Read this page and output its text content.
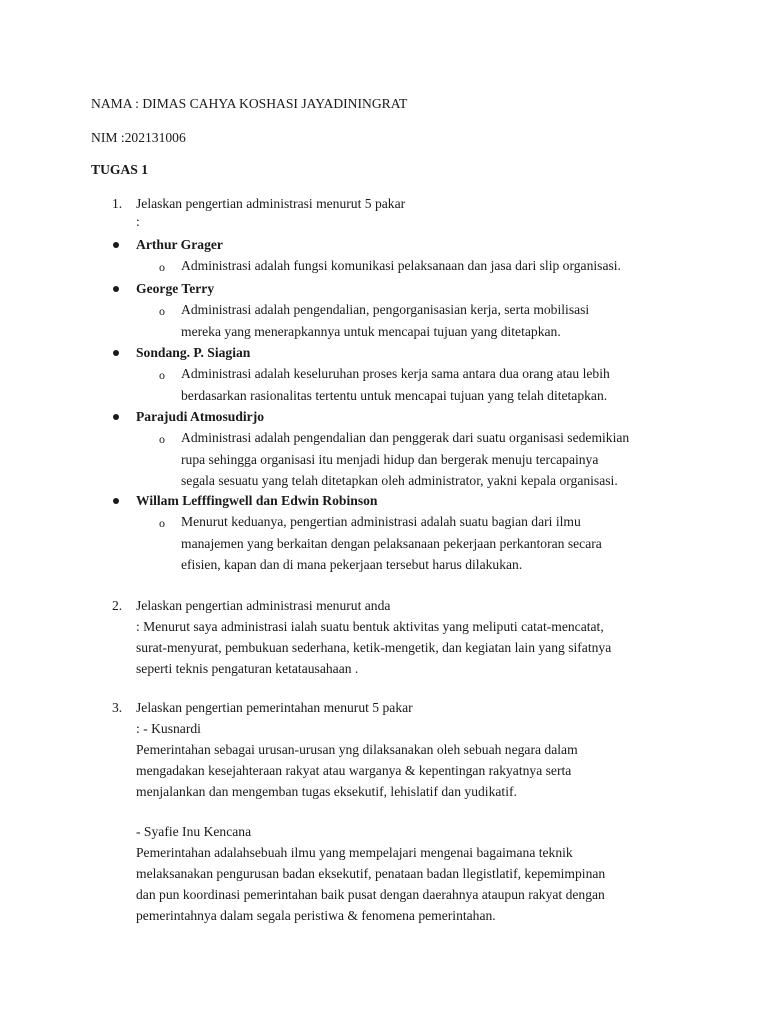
NAMA : DIMAS CAHYA KOSHASI JAYADININGRAT
NIM :202131006
TUGAS 1
1. Jelaskan pengertian administrasi menurut 5 pakar
:
Arthur Grager
o Administrasi adalah fungsi komunikasi pelaksanaan dan jasa dari slip organisasi.
George Terry
o Administrasi adalah pengendalian, pengorganisasian kerja, serta mobilisasi
mereka yang menerapkannya untuk mencapai tujuan yang ditetapkan.
Sondang. P. Siagian
o Administrasi adalah keseluruhan proses kerja sama antara dua orang atau lebih
berdasarkan rasionalitas tertentu untuk mencapai tujuan yang telah ditetapkan.
Parajudi Atmosudirjo
o Administrasi adalah pengendalian dan penggerak dari suatu organisasi sedemikian
rupa sehingga organisasi itu menjadi hidup dan bergerak menuju tercapainya
segala sesuatu yang telah ditetapkan oleh administrator, yakni kepala organisasi.
Willam Lefffingwell dan Edwin Robinson
o Menurut keduanya, pengertian administrasi adalah suatu bagian dari ilmu
manajemen yang berkaitan dengan pelaksanaan pekerjaan perkantoran secara
efisien, kapan dan di mana pekerjaan tersebut harus dilakukan.
2. Jelaskan pengertian administrasi menurut anda
: Menurut saya administrasi ialah suatu bentuk aktivitas yang meliputi catat-mencatat,
surat-menyurat, pembukuan sederhana, ketik-mengetik, dan kegiatan lain yang sifatnya
seperti teknis pengaturan ketatausahaan .
3. Jelaskan pengertian pemerintahan menurut 5 pakar
: - Kusnardi
Pemerintahan sebagai urusan-urusan yng dilaksanakan oleh sebuah negara dalam
mengadakan kesejahteraan rakyat atau warganya & kepentingan rakyatnya serta
menjalankan dan mengemban tugas eksekutif, lehislatif dan yudikatif.
- Syafie Inu Kencana
Pemerintahan adalahsebuah ilmu yang mempelajari mengenai bagaimana teknik
melaksanakan pengurusan badan eksekutif, penataan badan llegistlatif, kepemimpinan
dan pun koordinasi pemerintahan baik pusat dengan daerahnya ataupun rakyat dengan
pemerintahnya dalam segala peristiwa & fenomena pemerintahan.
